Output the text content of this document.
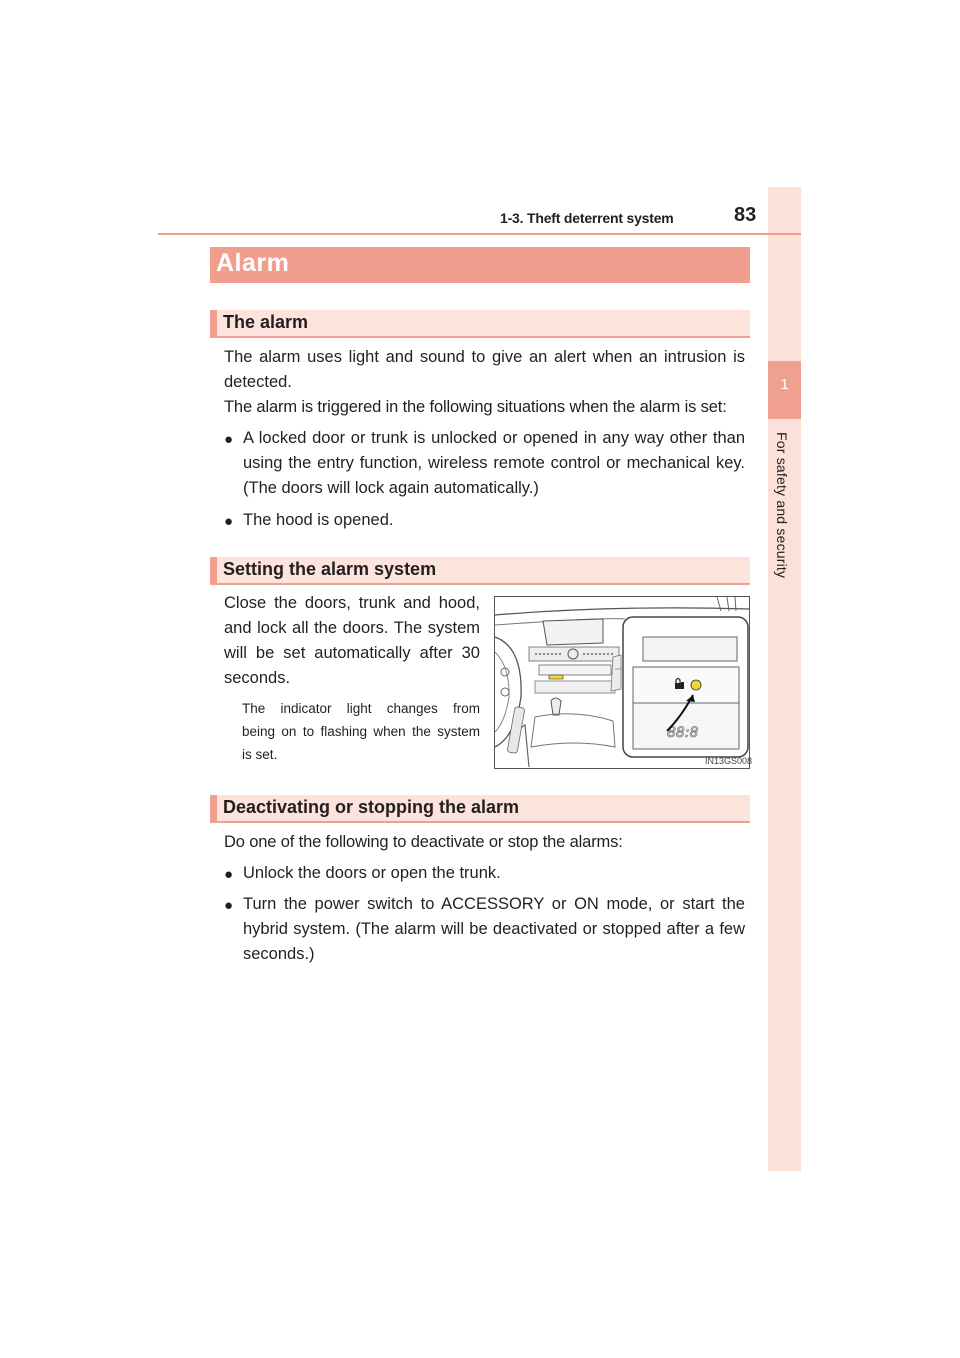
1
For safety and security
1-3. Theft deterrent system	83
Alarm
The alarm
The alarm uses light and sound to give an alert when an intrusion is
detected.
The alarm is triggered in the following situations when the alarm is set:
● A locked door or trunk is unlocked or opened in any way other than
using the entry function, wireless remote control or mechanical key.
(The doors will lock again automatically.)
● The hood is opened.
Setting the alarm system
Close the doors, trunk and hood,
and lock all the doors. The system
will be set automatically after 30
seconds.
The indicator light changes from
being on to flashing when the system
is set.
88:8
IN13GS008
Deactivating or stopping the alarm
Do one of the following to deactivate or stop the alarms:
● Unlock the doors or open the trunk.
● Turn the power switch to ACCESSORY or ON mode, or start the
hybrid system. (The alarm will be deactivated or stopped after a few
seconds.)
